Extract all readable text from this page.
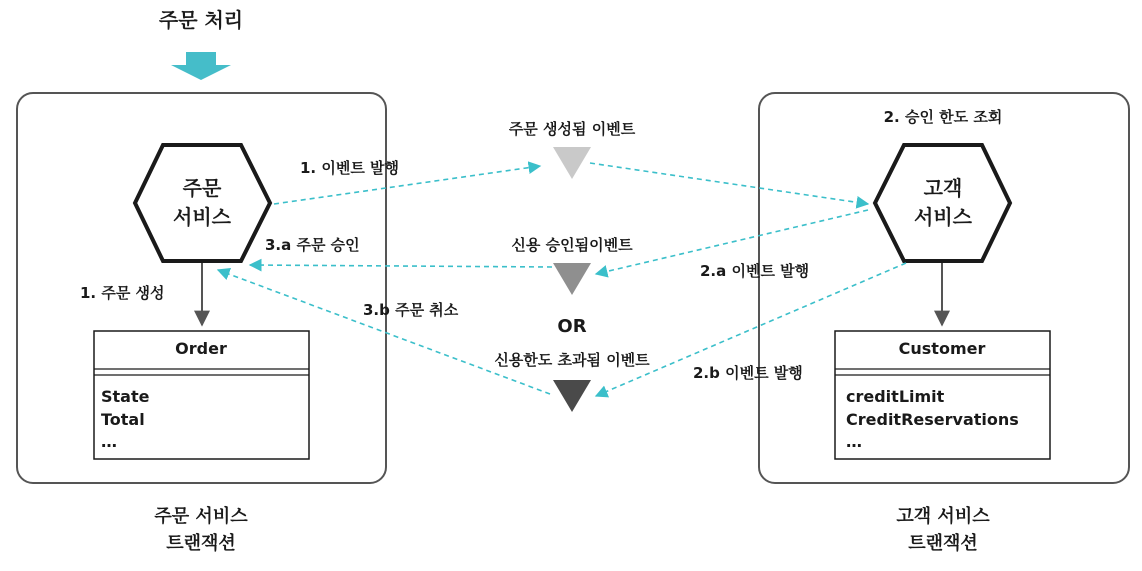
주문 처리
주문
서비스
1. 주문 생성
Order
State
Total
…
주문 서비스
트랜잭션
2. 승인 한도 조회
고객
서비스
Customer
creditLimit
CreditReservations
…
고객 서비스
트랜잭션
주문 생성됨 이벤트
신용 승인됨이벤트
OR
신용한도 초과됨 이벤트
1. 이벤트 발행
2.a 이벤트 발행
3.a 주문 승인
2.b 이벤트 발행
3.b 주문 취소
